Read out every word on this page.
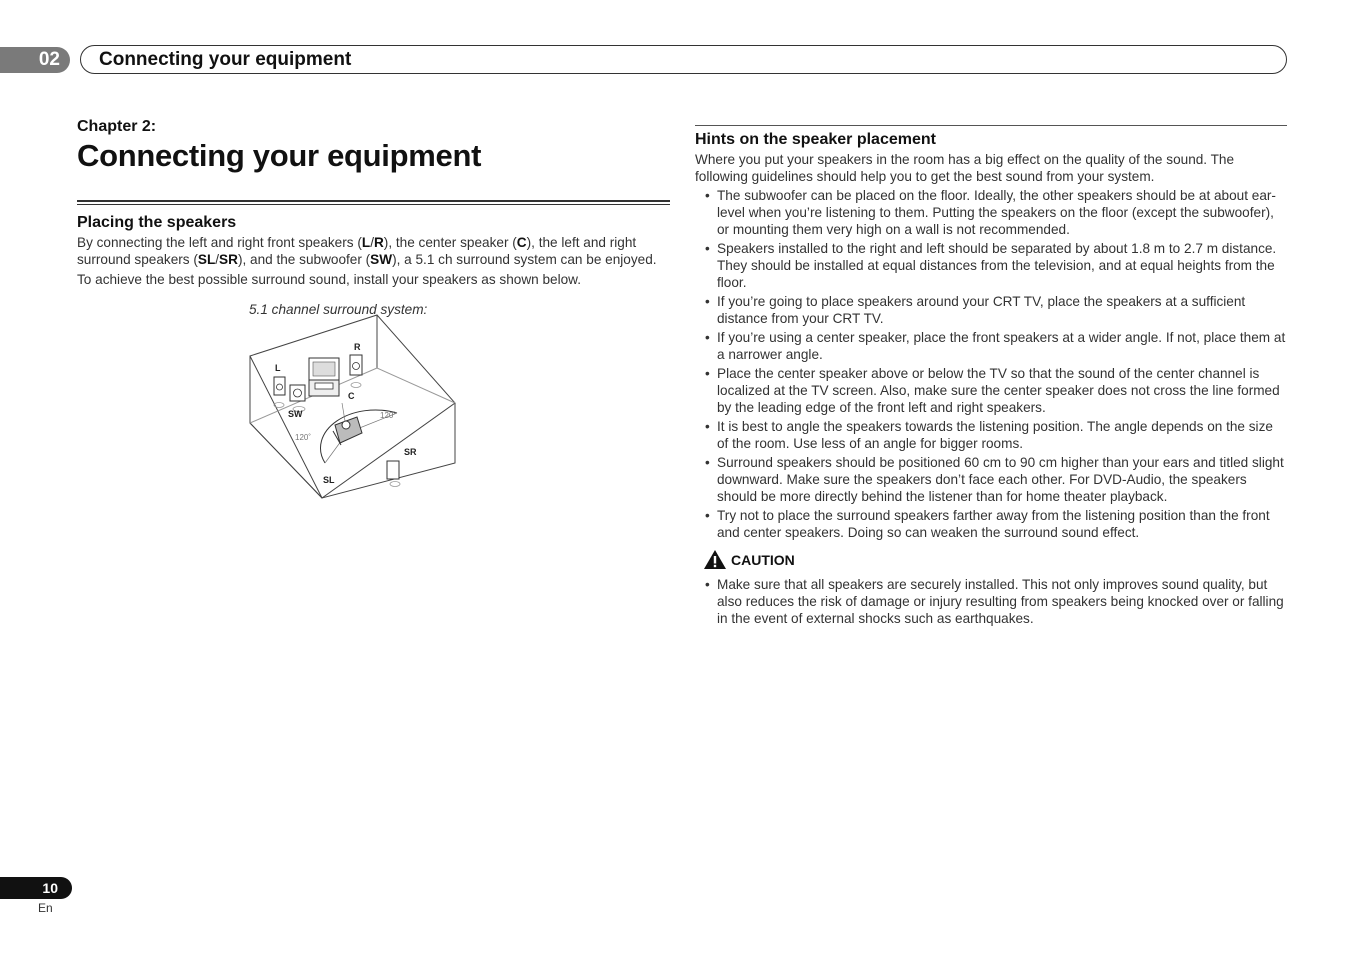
02 Connecting your equipment

Chapter 2:

Connecting your equipment
Placing the speakers

By connecting the left and right front speakers (L/R), the center speaker (C), the left and right surround speakers (SL/SR), and the subwoofer (SW), a 5.1 ch surround system can be enjoyed.

To achieve the best possible surround sound, install your speakers as shown below.

5.1 channel surround system:

L
R
C
SW
SL
SR
120˚
120˚
Hints on the speaker placement

Where you put your speakers in the room has a big effect on the quality of the sound. The following guidelines should help you to get the best sound from your system.

• The subwoofer can be placed on the floor. Ideally, the other speakers should be at about ear-level when you’re listening to them. Putting the speakers on the floor (except the subwoofer), or mounting them very high on a wall is not recommended.
• Speakers installed to the right and left should be separated by about 1.8 m to 2.7 m distance. They should be installed at equal distances from the television, and at equal heights from the floor.
• If you’re going to place speakers around your CRT TV, place the speakers at a sufficient distance from your CRT TV.
• If you’re using a center speaker, place the front speakers at a wider angle. If not, place them at a narrower angle.
• Place the center speaker above or below the TV so that the sound of the center channel is localized at the TV screen. Also, make sure the center speaker does not cross the line formed by the leading edge of the front left and right speakers.
• It is best to angle the speakers towards the listening position. The angle depends on the size of the room. Use less of an angle for bigger rooms.
• Surround speakers should be positioned 60 cm to 90 cm higher than your ears and titled slight downward. Make sure the speakers don’t face each other. For DVD-Audio, the speakers should be more directly behind the listener than for home theater playback.
• Try not to place the surround speakers farther away from the listening position than the front and center speakers. Doing so can weaken the surround sound effect.
CAUTION
• Make sure that all speakers are securely installed. This not only improves sound quality, but also reduces the risk of damage or injury resulting from speakers being knocked over or falling in the event of external shocks such as earthquakes.
10
En
